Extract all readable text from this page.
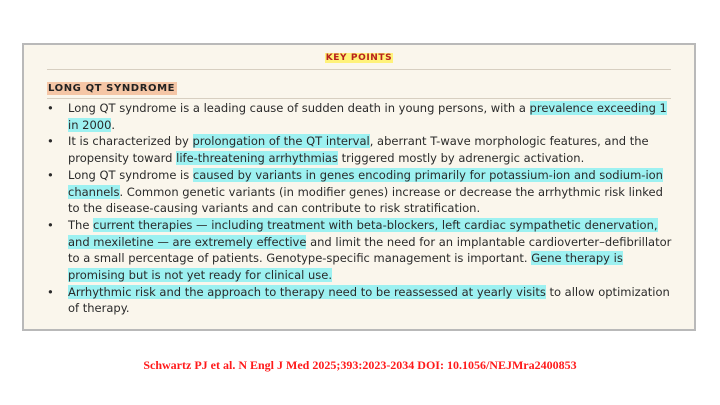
KEY POINTS
LONG QT SYNDROME
• Long QT syndrome is a leading cause of sudden death in young persons, with a prevalence exceeding 1 in 2000.
• It is characterized by prolongation of the QT interval, aberrant T-wave morphologic features, and the propensity toward life-threatening arrhythmias triggered mostly by adrenergic activation.
• Long QT syndrome is caused by variants in genes encoding primarily for potassium-ion and sodium-ion channels. Common genetic variants (in modifier genes) increase or decrease the arrhythmic risk linked to the disease-causing variants and can contribute to risk stratification.
• The current therapies — including treatment with beta-blockers, left cardiac sympathetic denervation, and mexiletine — are extremely effective and limit the need for an implantable cardioverter–defibrillator to a small percentage of patients. Genotype-specific management is important. Gene therapy is promising but is not yet ready for clinical use.
• Arrhythmic risk and the approach to therapy need to be reassessed at yearly visits to allow optimization of therapy.
Schwartz PJ et al. N Engl J Med 2025;393:2023-2034 DOI: 10.1056/NEJMra2400853
